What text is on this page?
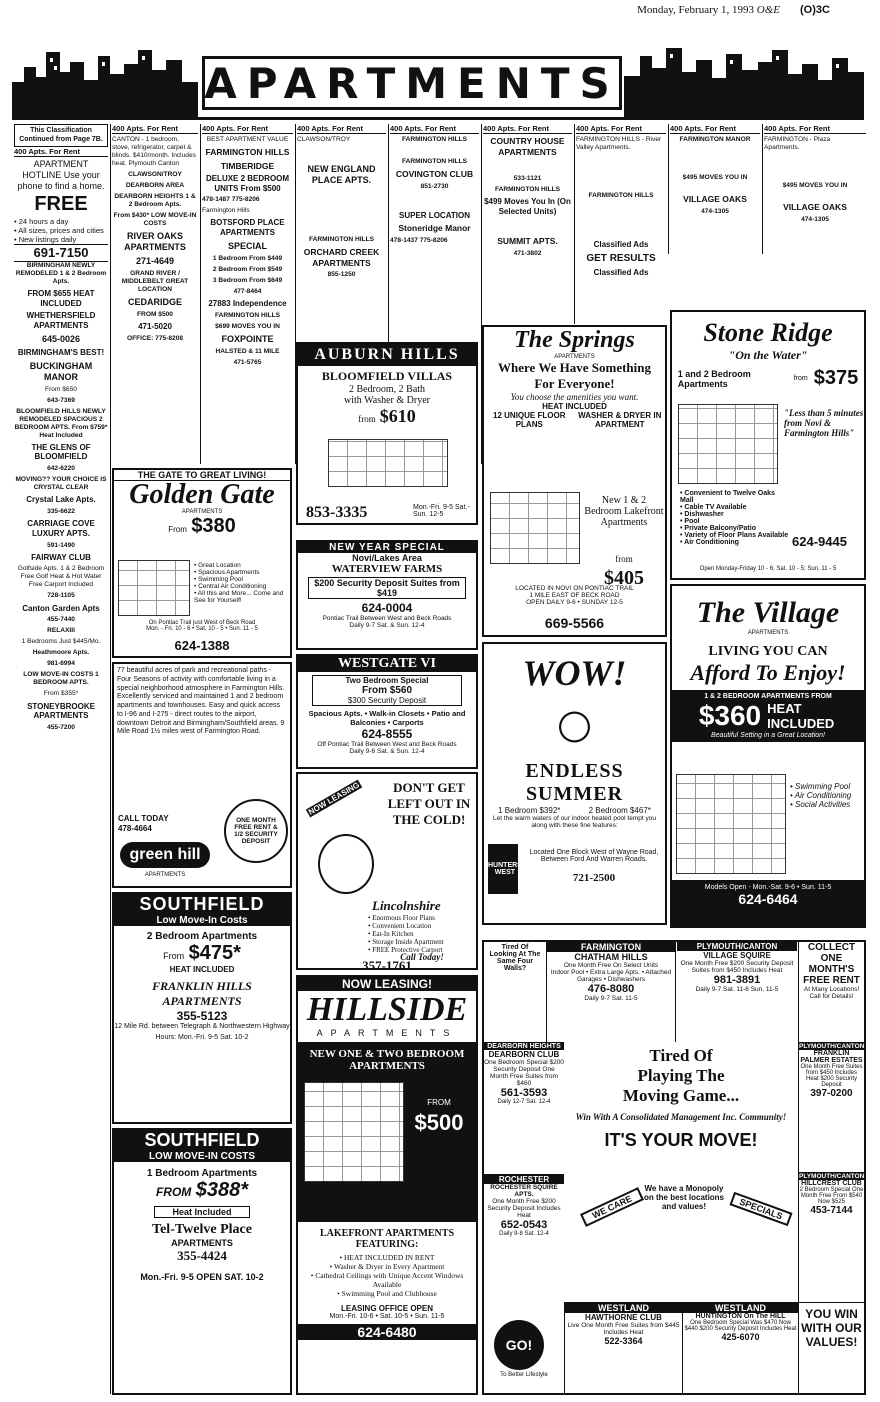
Monday, February 1, 1993 O&E (O)3C
APARTMENTS
This Classification Continued from Page 7B.
400 Apts. For Rent
APARTMENT HOTLINE Use your phone to find a home.
FREE
• 24 hours a day
• All sizes, prices and cities
• New listings daily
691-7150

BIRMINGHAM NEWLY REMODELED 1 & 2 Bedroom Apts.

FROM $655 HEAT INCLUDED

WHETHERSFIELD APARTMENTS

645-0026

BIRMINGHAM'S BEST!

BUCKINGHAM MANOR

From $650

643-7369

BLOOMFIELD HILLS NEWLY REMODELED SPACIOUS 2 BEDROOM APTS. From $759* Heat Included

THE GLENS OF BLOOMFIELD

642-6220

MOVING?? YOUR CHOICE IS CRYSTAL CLEAR

Crystal Lake Apts.

335-6622

CARRIAGE COVE LUXURY APTS.

591-1490

FAIRWAY CLUB

Golfside Apts. 1 & 2 Bedroom Free Golf Heat & Hot Water Free Carport Included

728-1105

Canton Garden Apts

455-7440

RELAXIII

1 Bedrooms Just $445/Mo.

Heathmoore Apts.

981-6994

LOW MOVE-IN COSTS 1 BEDROOM APTS.

From $355*

STONEYBROOKE APARTMENTS

455-7200

400 Apts. For Rent

CANTON - 1 bedroom, stove, refrigerator, carpet & blinds. $410/month. Includes heat. Plymouth Canton

CLAWSON/TROY

DEARBORN AREA

DEARBORN HEIGHTS 1 & 2 Bedroom Apts.

From $430* LOW MOVE-IN COSTS

RIVER OAKS APARTMENTS

271-4649

GRAND RIVER / MIDDLEBELT GREAT LOCATION

CEDARIDGE

FROM $500

471-5020

OFFICE: 775-8208

400 Apts. For Rent

BEST APARTMENT VALUE

FARMINGTON HILLS

TIMBERIDGE

DELUXE 2 BEDROOM UNITS From $500

478-1487 775-8206

Farmington Hills

BOTSFORD PLACE APARTMENTS

SPECIAL

1 Bedroom From $449

2 Bedroom From $549

3 Bedroom From $649

477-8464

27883 Independence

FARMINGTON HILLS

$699 MOVES YOU IN

FOXPOINTE

HALSTED & 11 MILE

471-5765

400 Apts. For Rent

CLAWSON/TROY

NEW ENGLAND PLACE APTS.

FARMINGTON HILLS

ORCHARD CREEK APARTMENTS

855-1250

400 Apts. For Rent

FARMINGTON HILLS

FARMINGTON HILLS

COVINGTON CLUB

851-2730

SUPER LOCATION

Stoneridge Manor

478-1437 775-8206

400 Apts. For Rent

COUNTRY HOUSE APARTMENTS

533-1121

FARMINGTON HILLS

$499 Moves You In (On Selected Units)

SUMMIT APTS.

471-3802

400 Apts. For Rent

FARMINGTON HILLS - River Valley Apartments.

FARMINGTON HILLS

Classified Ads

GET RESULTS

Classified Ads

400 Apts. For Rent

FARMINGTON MANOR

$495 MOVES YOU IN

VILLAGE OAKS

474-1305

400 Apts. For Rent

FARMINGTON - Plaza Apartments.

$495 MOVES YOU IN

VILLAGE OAKS

474-1305

AUBURN HILLS
BLOOMFIELD VILLAS
2 Bedroom, 2 Bath
with Washer & Dryer
from $610
853-3335	Mon.-Fri. 9-5 Sat.-Sun. 12-5
The Springs
APARTMENTS
Where We Have Something
For Everyone!
You choose the amenities you want.
HEAT INCLUDED
12 UNIQUE FLOOR PLANS
WASHER & DRYER IN APARTMENT
New 1 & 2 Bedroom Lakefront Apartments
from
$405
LOCATED IN NOVI ON PONTIAC TRAIL
1 MILE EAST OF BECK ROAD
OPEN DAILY 9-6 • SUNDAY 12-5
669-5566
Stone Ridge
"On the Water"
1 and 2 Bedroom Apartments	from $375
"Less than 5 minutes from Novi & Farmington Hills"
• Convenient to Twelve Oaks Mall
• Cable TV Available
• Dishwasher
• Pool
• Private Balcony/Patio
• Variety of Floor Plans Available
• Air Conditioning	624-9445
Open Monday-Friday 10 - 6; Sat. 10 - 5; Sun. 11 - 5
THE GATE TO GREAT LIVING!
Golden Gate
APARTMENTS
From $380
• Great Location
• Spacious Apartments
• Swimming Pool
• Central Air Conditioning
• All this and More... Come and See for Yourself!
On Pontiac Trail just West of Beck Road
Mon. - Fri. 10 - 6 • Sat. 10 - 5 • Sun. 11 - 5
624-1388
NEW YEAR SPECIAL
Novi/Lakes Area
WATERVIEW FARMS
$200 Security Deposit Suites from $419
624-0004
Pontiac Trail Between West and Beck Roads
Daily 9-7 Sat. & Sun. 12-4
WESTGATE VI
Two Bedroom Special
From $560
$300 Security Deposit
Spacious Apts. • Walk-in Closets • Patio and Balconies • Carports
624-8555
Off Pontiac Trail Between West and Beck Roads
Daily 9-6 Sat. & Sun. 12-4
77 beautiful acres of park and recreational paths - Four Seasons of activity with comfortable living in a special neighborhood atmosphere in Farmington Hills. Excellently serviced and maintained 1 and 2 bedroom apartments and townhouses. Easy and quick access to I-96 and I-275 - direct routes to the airport, downtown Detroit and Birmingham/Southfield areas. 9 Mile Road 1½ miles west of Farmington Road.
CALL TODAY
478-4664
ONE MONTH FREE RENT & 1/2 SECURITY DEPOSIT
green hill
APARTMENTS
WOW!
ENDLESS SUMMER
1 Bedroom $392*	2 Bedroom $467*
Let the warm waters of our indoor heated pool tempt you along with these fine features:
HUNTERS WEST
Located One Block West of Wayne Road, Between Ford And Warren Roads.
721-2500
The Village
APARTMENTS
LIVING YOU CAN
Afford To Enjoy!
1 & 2 BEDROOM APARTMENTS FROM
$360 HEAT INCLUDED
Beautiful Setting in a Great Location!
• Swimming Pool
• Air Conditioning
• Social Activities
Models Open - Mon.-Sat. 9-6 • Sun. 11-5
624-6464
NOW LEASING	DON'T GET LEFT OUT IN THE COLD!
Lincolnshire
• Enormous Floor Plans
• Convenient Location
• Eat-In Kitchen
• Storage Inside Apartment
• FREE Protective Carport
Call Today!
357-1761
SOUTHFIELD
Low Move-In Costs
2 Bedroom Apartments
From $475*
HEAT INCLUDED
FRANKLIN HILLS APARTMENTS
355-5123
12 Mile Rd. between Telegraph & Northwestern Highway
Hours: Mon.-Fri. 9-5 Sat. 10-2
NOW LEASING!
HILLSIDE
APARTMENTS
NEW ONE & TWO BEDROOM APARTMENTS
FROM
$500
LAKEFRONT APARTMENTS FEATURING:
• HEAT INCLUDED IN RENT
• Washer & Dryer in Every Apartment
• Cathedral Ceilings with Unique Accent Windows Available
• Swimming Pool and Clubhouse
LEASING OFFICE OPEN
Mon.-Fri. 10-6 • Sat. 10-5 • Sun. 11-5
624-6480
SOUTHFIELD
LOW MOVE-IN COSTS
1 Bedroom Apartments
FROM $388*
Heat Included
Tel-Twelve Place
APARTMENTS
355-4424
Mon.-Fri. 9-5 OPEN SAT. 10-2
Tired Of Looking At The Same Four Walls?
FARMINGTON
CHATHAM HILLS
One Month Free On Select Units
Indoor Pool • Extra Large Apts. • Attached Garages • Dishwashers
476-8080
Daily 9-7 Sat. 11-5
PLYMOUTH/CANTON
VILLAGE SQUIRE
One Month Free $200 Security Deposit Suites from $450 Includes Heat
981-3891
Daily 9-7 Sat. 11-6 Sun. 11-5
COLLECT ONE MONTH'S FREE RENT
At Many Locations! Call for Details!
DEARBORN HEIGHTS
DEARBORN CLUB
One Bedroom Special $200 Security Deposit One Month Free Suites from $460
561-3593
Daily 12-7 Sat. 12-4
Tired Of
Playing The
Moving Game...
Win With A Consolidated Management Inc. Community!
IT'S YOUR MOVE!
PLYMOUTH/CANTON
FRANKLIN PALMER ESTATES
One Month Free Suites from $450 Includes Heat $200 Security Deposit
397-0200
ROCHESTER
ROCHESTER SQUIRE APTS.
One Month Free $200 Security Deposit Includes Heat
652-0543
Daily 9-8 Sat. 12-4
WE CARE
We have a Monopoly on the best locations and values!	SPECIALS
PLYMOUTH/CANTON
HILLCREST CLUB
2 Bedroom Special One Month Free From $540 Now $525
453-7144
GO!
To Better Lifestyle
WESTLAND
HAWTHORNE CLUB
Live One Month Free Suites from $445 Includes Heat
522-3364
WESTLAND
HUNTINGTON On The HILL
One Bedroom Special Was $470 Now $440 $200 Security Deposit Includes Heat
425-6070
YOU WIN WITH OUR VALUES!
